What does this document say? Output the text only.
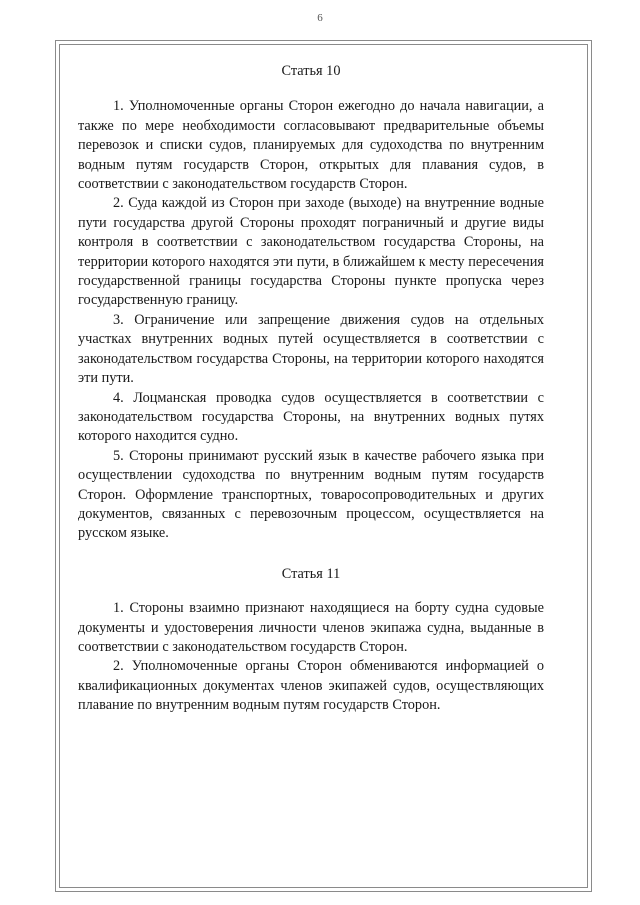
6
Статья 10

1. Уполномоченные органы Сторон ежегодно до начала навигации, а также по мере необходимости согласовывают предварительные объемы перевозок и списки судов, планируемых для судоходства по внутренним водным путям государств Сторон, открытых для плавания судов, в соответствии с законодательством государств Сторон.

2. Суда каждой из Сторон при заходе (выходе) на внутренние водные пути государства другой Стороны проходят пограничный и другие виды контроля в соответствии с законодательством государства Стороны, на территории которого находятся эти пути, в ближайшем к месту пересечения государственной границы государства Стороны пункте пропуска через государственную границу.

3. Ограничение или запрещение движения судов на отдельных участках внутренних водных путей осуществляется в соответствии с законодательством государства Стороны, на территории которого находятся эти пути.

4. Лоцманская проводка судов осуществляется в соответствии с законодательством государства Стороны, на внутренних водных путях которого находится судно.

5. Стороны принимают русский язык в качестве рабочего языка при осуществлении судоходства по внутренним водным путям государств Сторон. Оформление транспортных, товаросопроводительных и других документов, связанных с перевозочным процессом, осуществляется на русском языке.

Статья 11

1. Стороны взаимно признают находящиеся на борту судна судовые документы и удостоверения личности членов экипажа судна, выданные в соответствии с законодательством государств Сторон.

2. Уполномоченные органы Сторон обмениваются информацией о квалификационных документах членов экипажей судов, осуществляющих плавание по внутренним водным путям государств Сторон.
